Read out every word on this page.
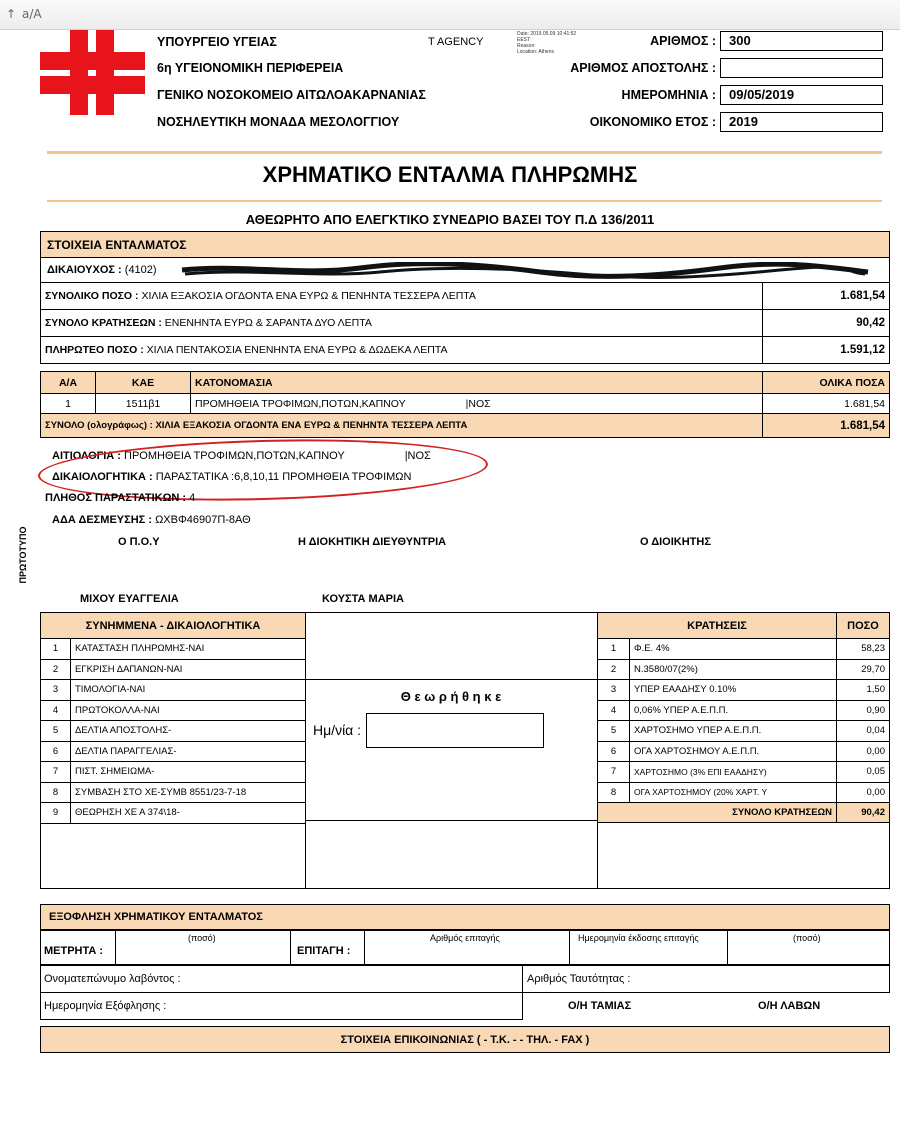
↑ a/A
ΥΠΟΥΡΓΕΙΟ ΥΓΕΙΑΣ
6η ΥΓΕΙΟΝΟΜΙΚΗ ΠΕΡΙΦΕΡΕΙΑ
ΓΕΝΙΚΟ ΝΟΣΟΚΟΜΕΙΟ ΑΙΤΩΛΟΑΚΑΡΝΑΝΙΑΣ
ΝΟΣΗΛΕΥΤΙΚΗ ΜΟΝΑΔΑ ΜΕΣΟΛΟΓΓΙΟΥ
T AGENCY
Date: 2019.05.09 10:41:52
EEST
Reason:
Location: Athens
ΑΡΙΘΜΟΣ :	300
ΑΡΙΘΜΟΣ ΑΠΟΣΤΟΛΗΣ :
ΗΜΕΡΟΜΗΝΙΑ :	09/05/2019
ΟΙΚΟΝΟΜΙΚΟ ΕΤΟΣ :	2019
ΧΡΗΜΑΤΙΚΟ ΕΝΤΑΛΜΑ ΠΛΗΡΩΜΗΣ
ΑΘΕΩΡΗΤΟ ΑΠΟ ΕΛΕΓΚΤΙΚΟ ΣΥΝΕΔΡΙΟ ΒΑΣΕΙ ΤΟΥ Π.Δ 136/2011
ΣΤΟΙΧΕΙΑ ΕΝΤΑΛΜΑΤΟΣ
ΔΙΚΑΙΟΥΧΟΣ : (4102)
ΣΥΝΟΛΙΚΟ ΠΟΣΟ : ΧΙΛΙΑ ΕΞΑΚΟΣΙΑ ΟΓΔΟΝΤΑ ΕΝΑ ΕΥΡΩ & ΠΕΝΗΝΤΑ ΤΕΣΣΕΡΑ ΛΕΠΤΑ	1.681,54
ΣΥΝΟΛΟ ΚΡΑΤΗΣΕΩΝ : ΕΝΕΝΗΝΤΑ ΕΥΡΩ & ΣΑΡΑΝΤΑ ΔΥΟ ΛΕΠΤΑ	90,42
ΠΛΗΡΩΤΕΟ ΠΟΣΟ : ΧΙΛΙΑ ΠΕΝΤΑΚΟΣΙΑ ΕΝΕΝΗΝΤΑ ΕΝΑ ΕΥΡΩ & ΔΩΔΕΚΑ ΛΕΠΤΑ	1.591,12
Α/Α	ΚΑΕ	ΚΑΤΟΝΟΜΑΣΙΑ	ΟΛΙΚΑ ΠΟΣΑ
1	1511β1	ΠΡΟΜΗΘΕΙΑ ΤΡΟΦΙΜΩΝ,ΠΟΤΩΝ,ΚΑΠΝΟΥ |ΝΟΣ	1.681,54
ΣΥΝΟΛΟ (ολογράφως) : ΧΙΛΙΑ ΕΞΑΚΟΣΙΑ ΟΓΔΟΝΤΑ ΕΝΑ ΕΥΡΩ & ΠΕΝΗΝΤΑ ΤΕΣΣΕΡΑ ΛΕΠΤΑ			1.681,54
ΑΙΤΙΟΛΟΓΙΑ : ΠΡΟΜΗΘΕΙΑ ΤΡΟΦΙΜΩΝ,ΠΟΤΩΝ,ΚΑΠΝΟΥ	|ΝΟΣ
ΔΙΚΑΙΟΛΟΓΗΤΙΚΑ : ΠΑΡΑΣΤΑΤΙΚΑ :6,8,10,11 ΠΡΟΜΗΘΕΙΑ ΤΡΟΦΙΜΩΝ
ΠΛΗΘΟΣ ΠΑΡΑΣΤΑΤΙΚΩΝ : 4
ΑΔΑ ΔΕΣΜΕΥΣΗΣ : ΩΧΒΦ46907Π-8ΑΘ
ΠΡΩΤΟΤΥΠΟ	Ο Π.Ο.Υ	Η ΔΙΟΚΗΤΙΚΗ ΔΙΕΥΘΥΝΤΡΙΑ	Ο ΔΙΟΙΚΗΤΗΣ
ΜΙΧΟΥ ΕΥΑΓΓΕΛΙΑ	ΚΟΥΣΤΑ ΜΑΡΙΑ
ΣΥΝΗΜΜΕΝΑ - ΔΙΚΑΙΟΛΟΓΗΤΙΚΑ	
1	ΚΑΤΑΣΤΑΣΗ ΠΛΗΡΩΜΗΣ-ΝΑΙ
2	ΕΓΚΡΙΣΗ ΔΑΠΑΝΩΝ-ΝΑΙ
3	ΤΙΜΟΛΟΓΙΑ-ΝΑΙ
4	ΠΡΩΤΟΚΟΛΛΑ-ΝΑΙ
5	ΔΕΛΤΙΑ ΑΠΟΣΤΟΛΗΣ-
6	ΔΕΛΤΙΑ ΠΑΡΑΓΓΕΛΙΑΣ-
7	ΠΙΣΤ. ΣΗΜΕΙΩΜΑ-
8	ΣΥΜΒΑΣΗ ΣΤΟ ΧΕ-ΣΥΜΒ 8551/23-7-18
9	ΘΕΩΡΗΣΗ ΧΕ Α 374\18-
Θ ε ω ρ ή θ η κ ε
Ημ/νία :
ΚΡΑΤΗΣΕΙΣ		ΠΟΣΟ
1	Φ.Ε. 4%	58,23
2	Ν.3580/07(2%)	29,70
3	ΥΠΕΡ ΕΑΑΔΗΣΥ 0.10%	1,50
4	0,06% ΥΠΕΡ Α.Ε.Π.Π.	0,90
5	ΧΑΡΤΟΣΗΜΟ ΥΠΕΡ Α.Ε.Π.Π.	0,04
6	ΟΓΑ ΧΑΡΤΟΣΗΜΟΥ Α.Ε.Π.Π.	0,00
7	ΧΑΡΤΟΣΗΜΟ (3% ΕΠΙ ΕΑΑΔΗΣΥ)	0,05
8	ΟΓΑ ΧΑΡΤΟΣΗΜΟΥ (20% ΧΑΡΤ. Υ	0,00
ΣΥΝΟΛΟ ΚΡΑΤΗΣΕΩΝ		90,42
ΕΞΟΦΛΗΣΗ ΧΡΗΜΑΤΙΚΟΥ ΕΝΤΑΛΜΑΤΟΣ
ΜΕΤΡΗΤΑ :
(ποσό)
ΕΠΙΤΑΓΗ :
Αριθμός επιταγής	Ημερομηνία έκδοσης επιταγής	(ποσό)
Ονοματεπώνυμο λαβόντος :	Αριθμός Ταυτότητας :
Ημερομηνία Εξόφλησης :	Ο/Η ΤΑΜΙΑΣ	Ο/Η ΛΑΒΩΝ
ΣΤΟΙΧΕΙΑ ΕΠΙΚΟΙΝΩΝΙΑΣ ( - Τ.Κ. - - ΤΗΛ. - FAX )
